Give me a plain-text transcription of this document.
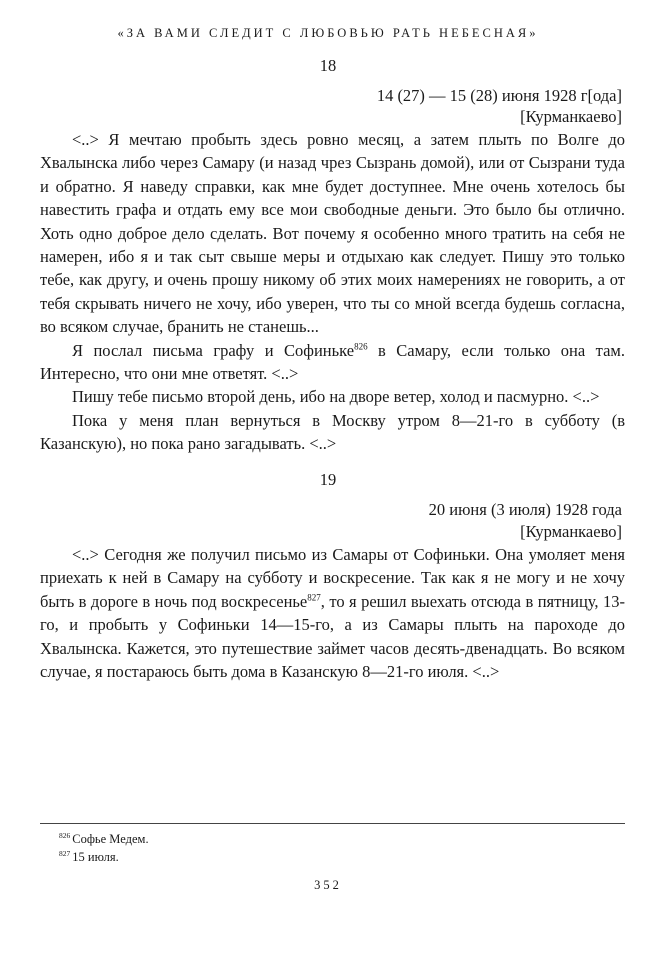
«ЗА ВАМИ СЛЕДИТ С ЛЮБОВЬЮ РАТЬ НЕБЕСНАЯ»
18
14 (27) — 15 (28) июня 1928 г[ода]
[Курманкаево]

<..> Я мечтаю пробыть здесь ровно месяц, а затем плыть по Волге до Хвалынска либо через Самару (и назад чрез Сызрань домой), или от Сызрани туда и обратно. Я наведу справки, как мне будет доступнее. Мне очень хотелось бы навестить графа и отдать ему все мои свободные деньги. Это было бы отлично. Хоть одно доброе дело сделать. Вот почему я особенно много тратить на себя не намерен, ибо я и так сыт свыше меры и отдыхаю как следует. Пишу это только тебе, как другу, и очень прошу никому об этих моих намерениях не говорить, а от тебя скрывать ничего не хочу, ибо уверен, что ты со мной всегда будешь согласна, во всяком случае, бранить не станешь...

Я послал письма графу и Софиньке$^{826}$ в Самару, если только она там. Интересно, что они мне ответят. <..>

Пишу тебе письмо второй день, ибо на дворе ветер, холод и пасмурно. <..>

Пока у меня план вернуться в Москву утром 8—21-го в субботу (в Казанскую), но пока рано загадывать. <..>

19
20 июня (3 июля) 1928 года
[Курманкаево]

<..> Сегодня же получил письмо из Самары от Софиньки. Она умоляет меня приехать к ней в Самару на субботу и воскресение. Так как я не могу и не хочу быть в дороге в ночь под воскресенье$^{827}$, то я решил выехать отсюда в пятницу, 13-го, и пробыть у Софиньки 14—15-го, а из Самары плыть на пароходе до Хвалынска. Кажется, это путешествие займет часов десять-двенадцать. Во всяком случае, я постараюсь быть дома в Казанскую 8—21-го июля. <..>

$^{826}$ Софье Медем.
$^{827}$ 15 июля.
352
